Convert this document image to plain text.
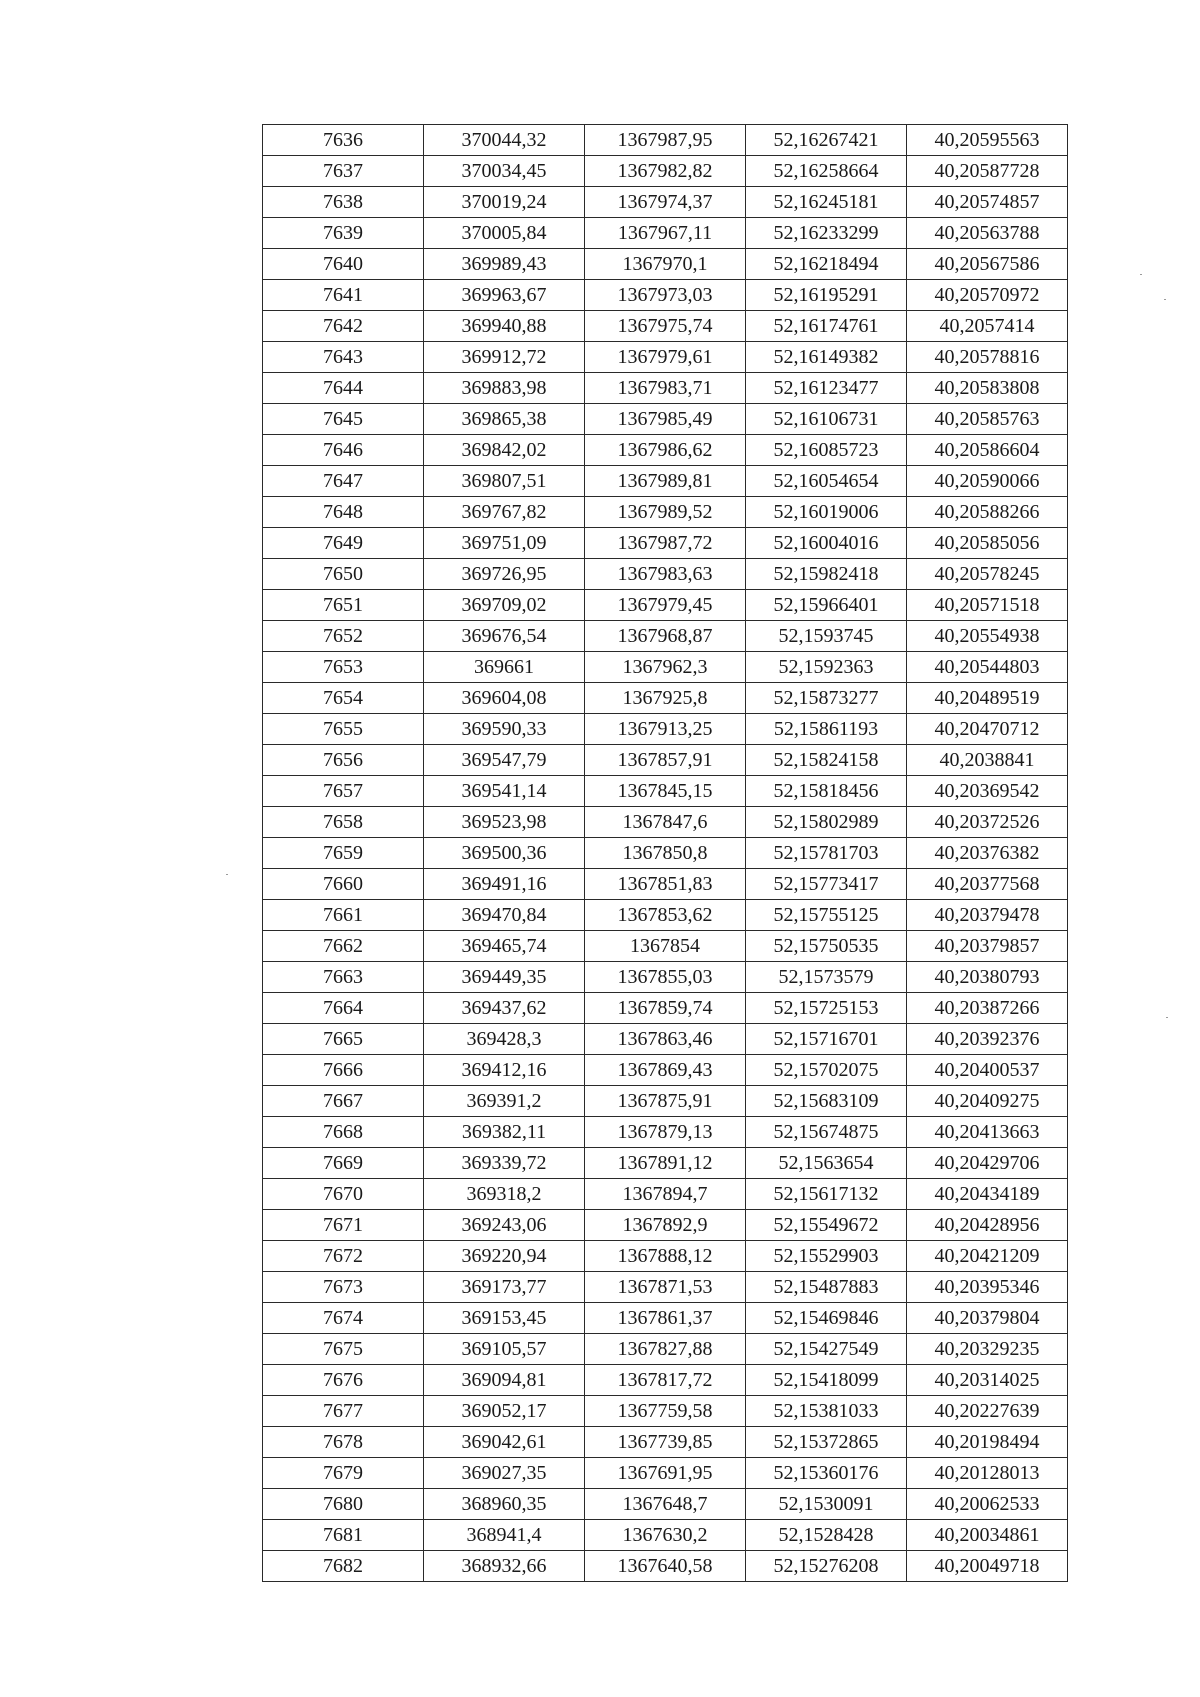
7636	370044,32	1367987,95	52,16267421	40,20595563
7637	370034,45	1367982,82	52,16258664	40,20587728
7638	370019,24	1367974,37	52,16245181	40,20574857
7639	370005,84	1367967,11	52,16233299	40,20563788
7640	369989,43	1367970,1	52,16218494	40,20567586
7641	369963,67	1367973,03	52,16195291	40,20570972
7642	369940,88	1367975,74	52,16174761	40,2057414
7643	369912,72	1367979,61	52,16149382	40,20578816
7644	369883,98	1367983,71	52,16123477	40,20583808
7645	369865,38	1367985,49	52,16106731	40,20585763
7646	369842,02	1367986,62	52,16085723	40,20586604
7647	369807,51	1367989,81	52,16054654	40,20590066
7648	369767,82	1367989,52	52,16019006	40,20588266
7649	369751,09	1367987,72	52,16004016	40,20585056
7650	369726,95	1367983,63	52,15982418	40,20578245
7651	369709,02	1367979,45	52,15966401	40,20571518
7652	369676,54	1367968,87	52,1593745	40,20554938
7653	369661	1367962,3	52,1592363	40,20544803
7654	369604,08	1367925,8	52,15873277	40,20489519
7655	369590,33	1367913,25	52,15861193	40,20470712
7656	369547,79	1367857,91	52,15824158	40,2038841
7657	369541,14	1367845,15	52,15818456	40,20369542
7658	369523,98	1367847,6	52,15802989	40,20372526
7659	369500,36	1367850,8	52,15781703	40,20376382
7660	369491,16	1367851,83	52,15773417	40,20377568
7661	369470,84	1367853,62	52,15755125	40,20379478
7662	369465,74	1367854	52,15750535	40,20379857
7663	369449,35	1367855,03	52,1573579	40,20380793
7664	369437,62	1367859,74	52,15725153	40,20387266
7665	369428,3	1367863,46	52,15716701	40,20392376
7666	369412,16	1367869,43	52,15702075	40,20400537
7667	369391,2	1367875,91	52,15683109	40,20409275
7668	369382,11	1367879,13	52,15674875	40,20413663
7669	369339,72	1367891,12	52,1563654	40,20429706
7670	369318,2	1367894,7	52,15617132	40,20434189
7671	369243,06	1367892,9	52,15549672	40,20428956
7672	369220,94	1367888,12	52,15529903	40,20421209
7673	369173,77	1367871,53	52,15487883	40,20395346
7674	369153,45	1367861,37	52,15469846	40,20379804
7675	369105,57	1367827,88	52,15427549	40,20329235
7676	369094,81	1367817,72	52,15418099	40,20314025
7677	369052,17	1367759,58	52,15381033	40,20227639
7678	369042,61	1367739,85	52,15372865	40,20198494
7679	369027,35	1367691,95	52,15360176	40,20128013
7680	368960,35	1367648,7	52,1530091	40,20062533
7681	368941,4	1367630,2	52,1528428	40,20034861
7682	368932,66	1367640,58	52,15276208	40,20049718
